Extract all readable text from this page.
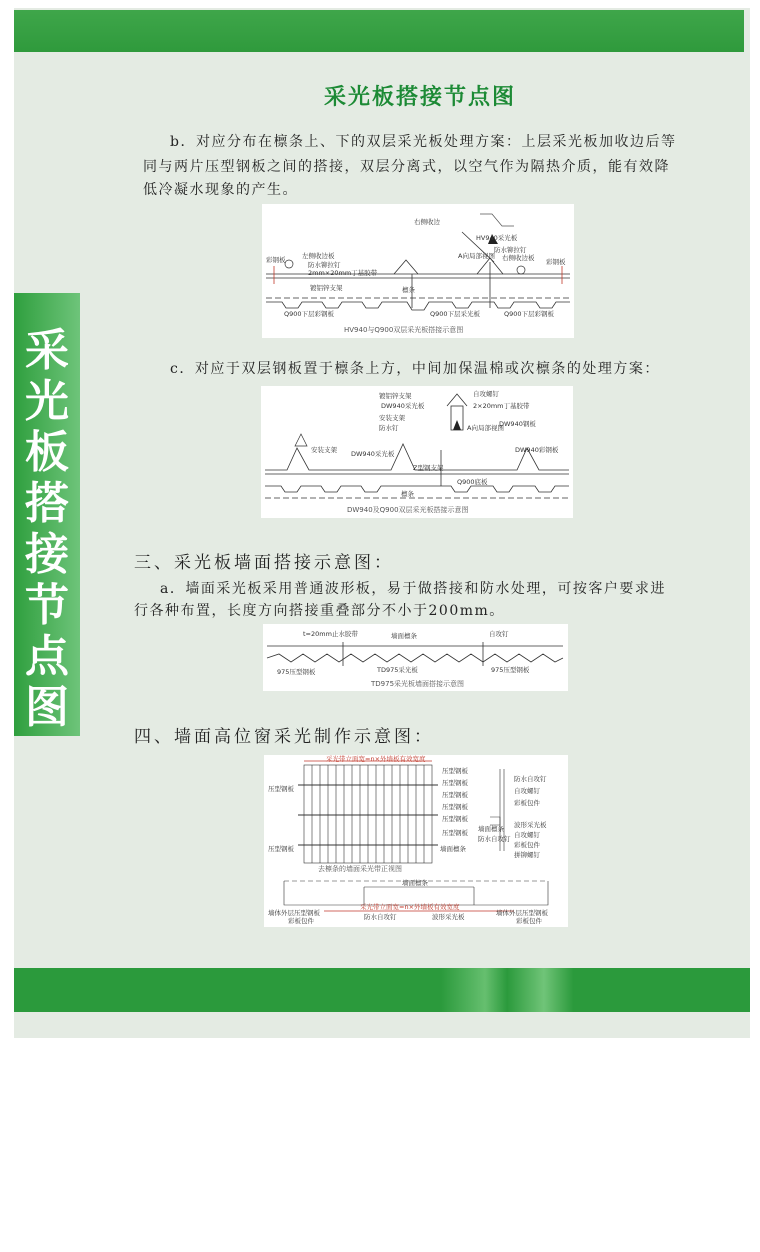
采光板搭接节点图
采光板搭接节点图
b．对应分布在檩条上、下的双层采光板处理方案：上层采光板加收边后等
同与两片压型钢板之间的搭接，双层分离式，以空气作为隔热介质，能有效降
低冷凝水现象的产生。
彩钢板	左侧收边板
防水铆拉钉
2mm×20mm丁基胶带
镀铝锌支架	檩条
右侧收边
HV940采光板
A向局部视图
防水铆拉钉
右侧收边板 彩钢板
Q900下层彩钢板	Q900下层采光板	Q900下层彩钢板
HV940与Q900双层采光板搭接示意图
c．对应于双层钢板置于檩条上方，中间加保温棉或次檩条的处理方案：
镀铝锌支架
DW940采光板
自攻螺钉
2×20mm丁基胶带
安装支架
防水钉	A向局部视图
DW940钢板
安装支架 DW940采光板
Z型钢支架
Q900底板
檩条
DW940彩钢板
DW940及Q900双层采光板搭接示意图
三、采光板墙面搭接示意图：
a．墙面采光板采用普通波形板，易于做搭接和防水处理，可按客户要求进
行各种布置，长度方向搭接重叠部分不小于200mm。
t=20mm止水胶带	墙面檩条	自攻钉
975压型钢板	TD975采光板	975压型钢板
TD975采光板墙面搭接示意图
四、墙面高位窗采光制作示意图：
采光带立面宽=n×外墙板有效宽度
压型钢板
压型钢板
压型钢板
压型钢板
压型钢板
压型钢板
压型钢板
墙面檩条
防水自攻钉
自攻螺钉
彩板包件
墙面檩条
防水自攻钉
波形采光板
自攻螺钉
彩板包件
拼铆螺钉
压型钢板
墙面檩条
墙体外层压型钢板
彩板包件	防水自攻钉	波形采光板	墙体外层压型钢板
彩板包件
采光带立面宽=n×外墙板有效宽度
去檩条的墙面采光带正视图
